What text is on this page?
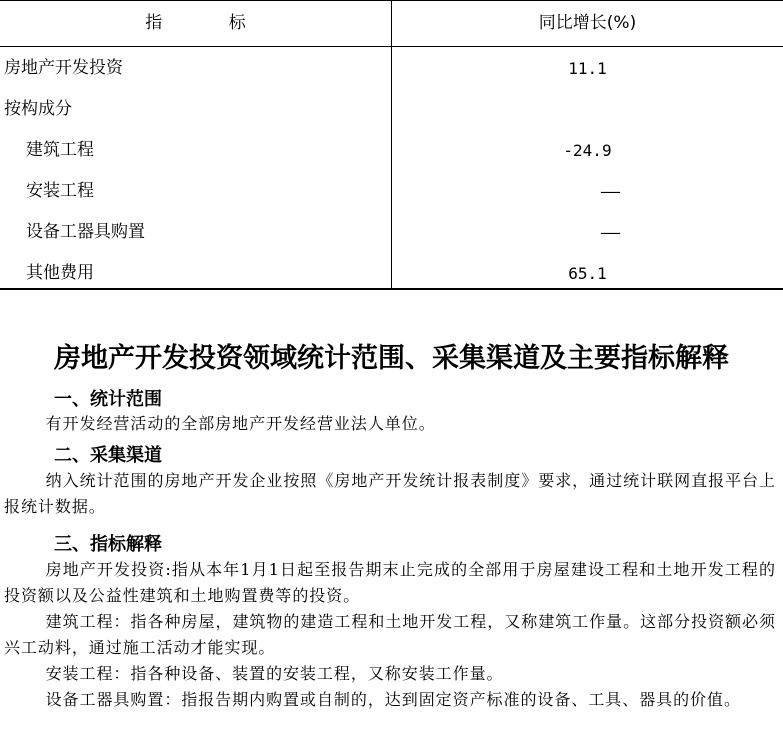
指 标	同比增长(%)
房地产开发投资	11.1
按构成分
建筑工程	-24.9
安装工程	——
设备工器具购置	——
其他费用	65.1
房地产开发投资领域统计范围、采集渠道及主要指标解释
一、统计范围
有开发经营活动的全部房地产开发经营业法人单位。
二、采集渠道
纳入统计范围的房地产开发企业按照《房地产开发统计报表制度》要求，通过统计联网直报平台上报统计数据。
三、指标解释
房地产开发投资:指从本年1月1日起至报告期末止完成的全部用于房屋建设工程和土地开发工程的投资额以及公益性建筑和土地购置费等的投资。
建筑工程：指各种房屋，建筑物的建造工程和土地开发工程，又称建筑工作量。这部分投资额必须兴工动料，通过施工活动才能实现。
安装工程：指各种设备、装置的安装工程，又称安装工作量。
设备工器具购置：指报告期内购置或自制的，达到固定资产标准的设备、工具、器具的价值。
